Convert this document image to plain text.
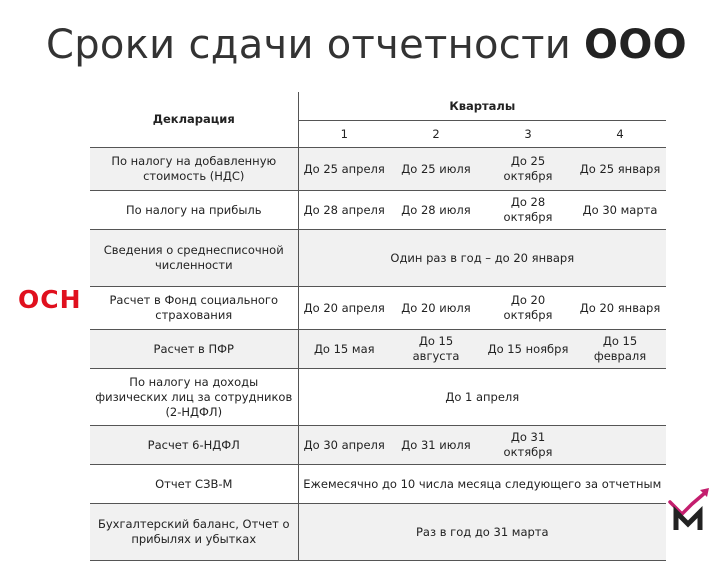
Сроки сдачи отчетности ООО
ОСН
Декларация	Кварталы			
	1	2	3	4
По налогу на добавленную стоимость (НДС)	До 25 апреля	До 25 июля	До 25 октября	До 25 января
По налогу на прибыль	До 28 апреля	До 28 июля	До 28 октября	До 30 марта
Сведения о среднесписочной численности	Один раз в год – до 20 января			
Расчет в Фонд социального страхования	До 20 апреля	До 20 июля	До 20 октября	До 20 января
Расчет в ПФР	До 15 мая	До 15 августа	До 15 ноября	До 15 февраля
По налогу на доходы физических лиц за сотрудников (2-НДФЛ)	До 1 апреля			
Расчет 6-НДФЛ	До 30 апреля	До 31 июля	До 31 октября	
Отчет СЗВ-М	Ежемесячно до 10 числа месяца следующего за отчетным			
Бухгалтерский баланс, Отчет о прибылях и убытках	Раз в год до 31 марта			
